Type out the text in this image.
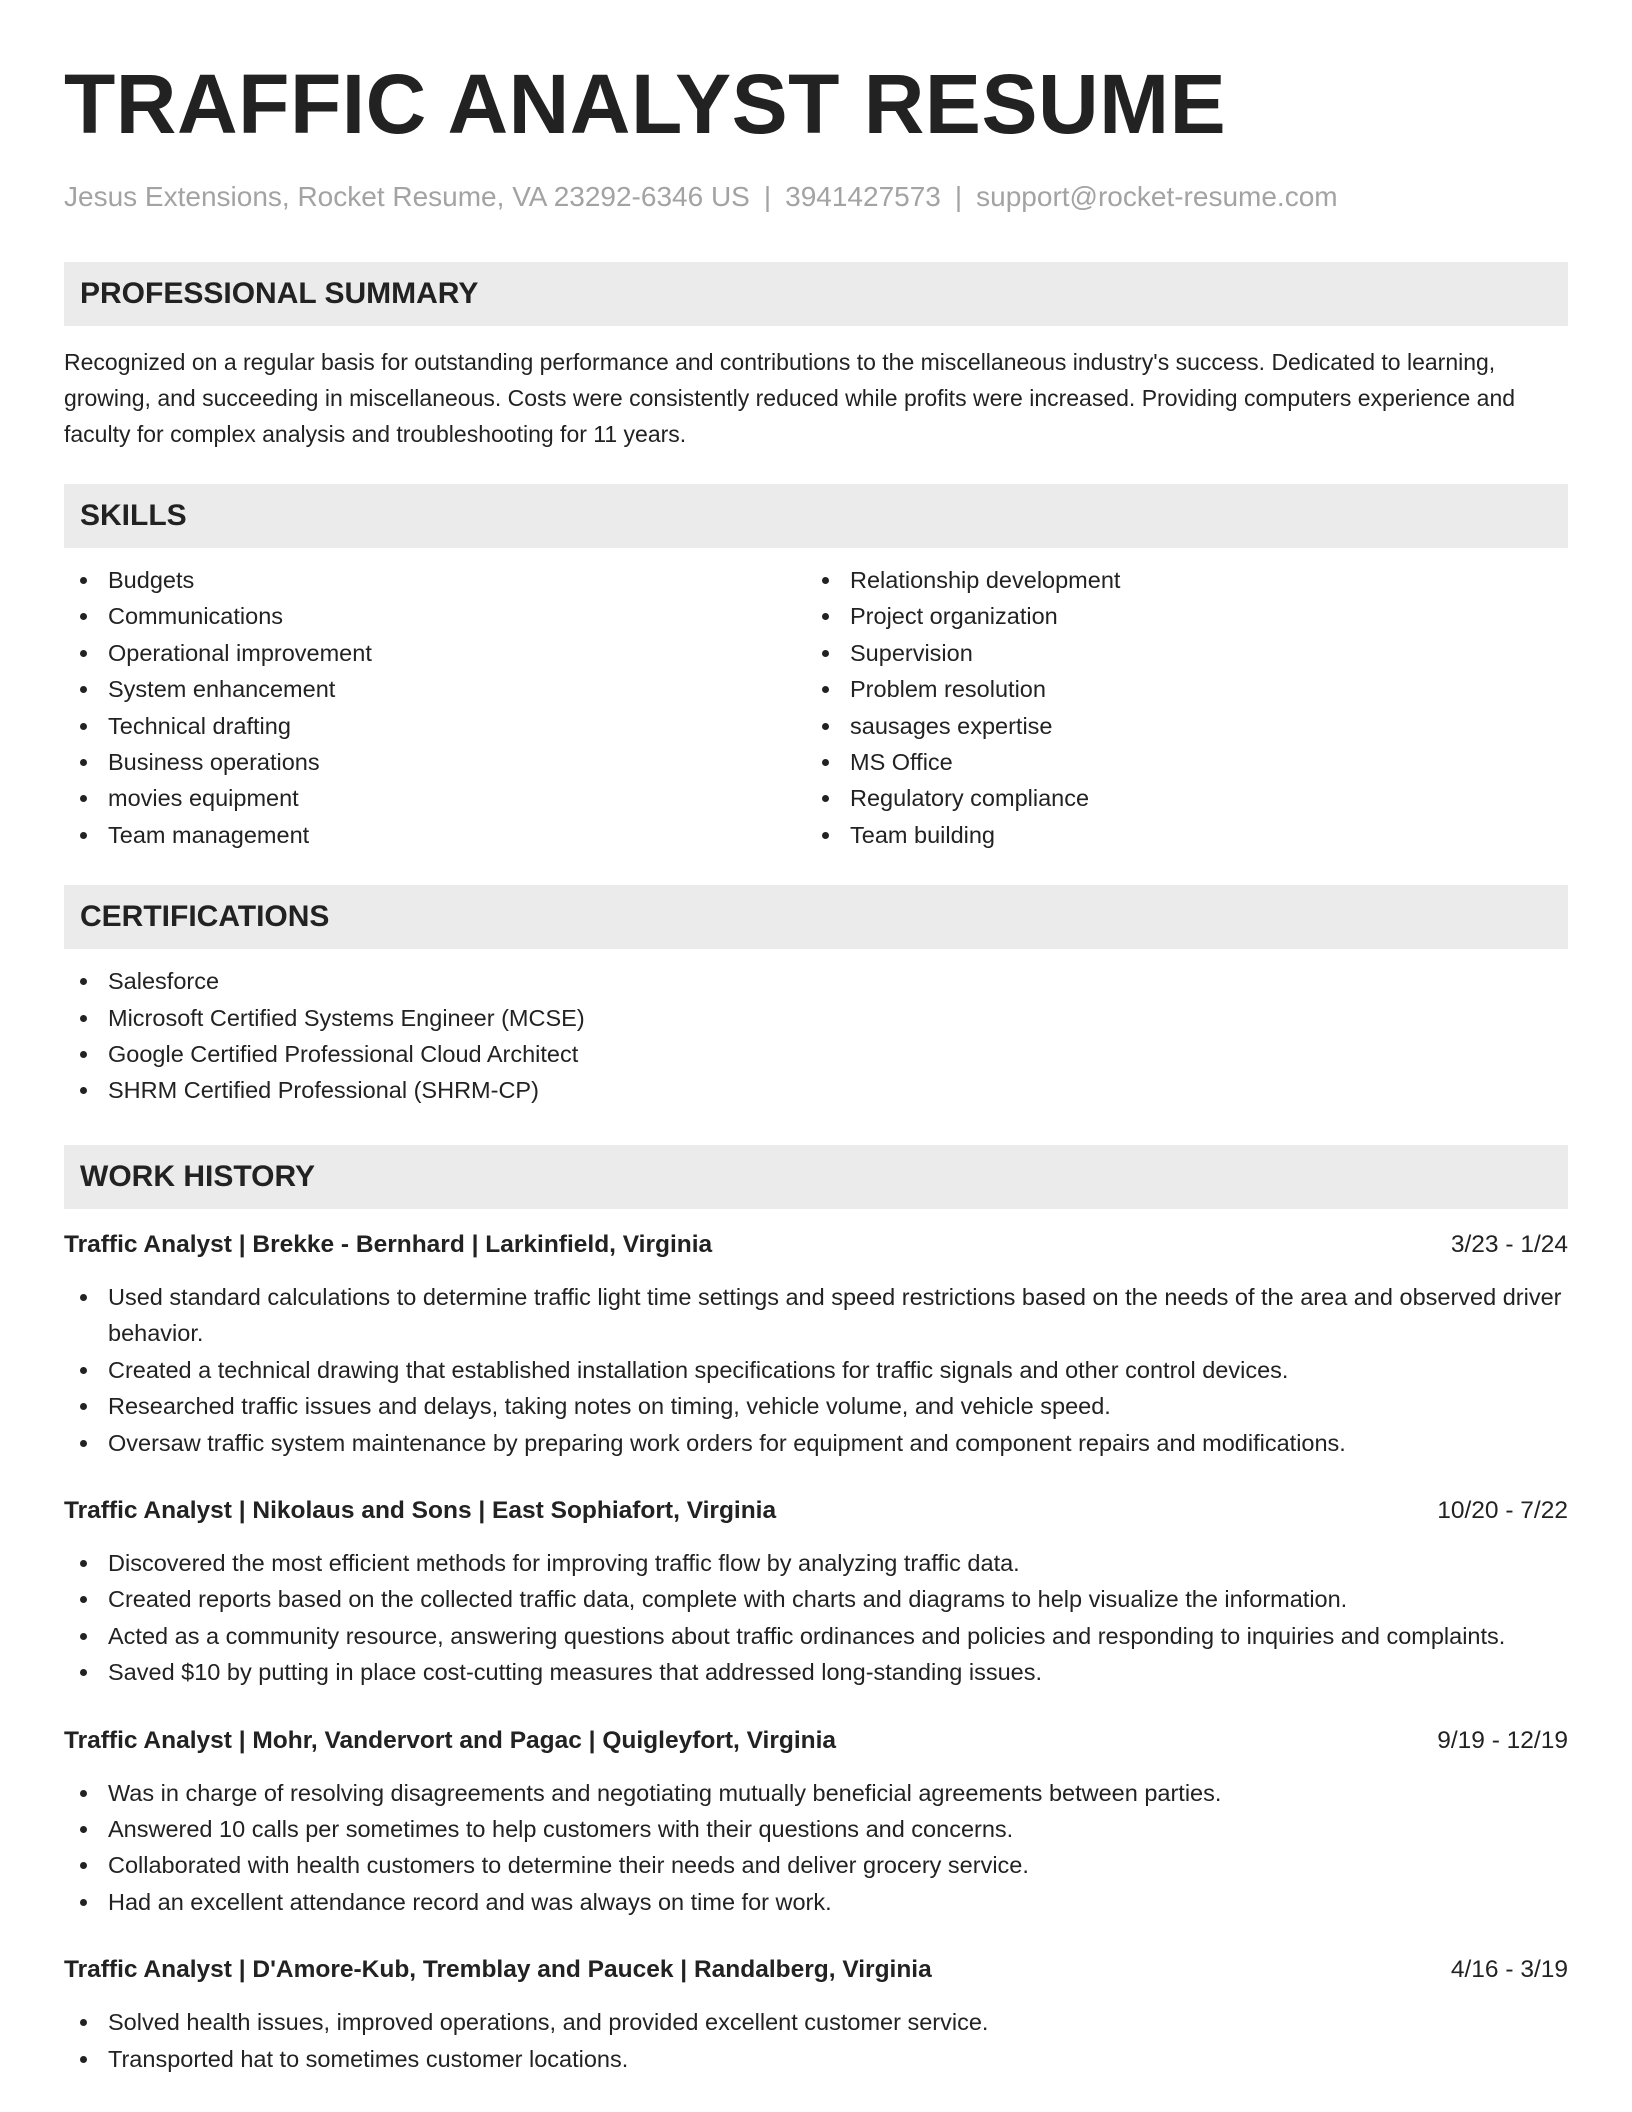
TRAFFIC ANALYST RESUME
Jesus Extensions, Rocket Resume, VA 23292-6346 US | 3941427573 | support@rocket-resume.com
PROFESSIONAL SUMMARY

Recognized on a regular basis for outstanding performance and contributions to the miscellaneous industry's success. Dedicated to learning, growing, and succeeding in miscellaneous. Costs were consistently reduced while profits were increased. Providing computers experience and faculty for complex analysis and troubleshooting for 11 years.

SKILLS
Budgets
Communications
Operational improvement
System enhancement
Technical drafting
Business operations
movies equipment
Team management
Relationship development
Project organization
Supervision
Problem resolution
sausages expertise
MS Office
Regulatory compliance
Team building
CERTIFICATIONS
Salesforce
Microsoft Certified Systems Engineer (MCSE)
Google Certified Professional Cloud Architect
SHRM Certified Professional (SHRM-CP)
WORK HISTORY
Traffic Analyst | Brekke - Bernhard | Larkinfield, Virginia	3/23 - 1/24
Used standard calculations to determine traffic light time settings and speed restrictions based on the needs of the area and observed driver behavior.
Created a technical drawing that established installation specifications for traffic signals and other control devices.
Researched traffic issues and delays, taking notes on timing, vehicle volume, and vehicle speed.
Oversaw traffic system maintenance by preparing work orders for equipment and component repairs and modifications.
Traffic Analyst | Nikolaus and Sons | East Sophiafort, Virginia	10/20 - 7/22
Discovered the most efficient methods for improving traffic flow by analyzing traffic data.
Created reports based on the collected traffic data, complete with charts and diagrams to help visualize the information.
Acted as a community resource, answering questions about traffic ordinances and policies and responding to inquiries and complaints.
Saved $10 by putting in place cost-cutting measures that addressed long-standing issues.
Traffic Analyst | Mohr, Vandervort and Pagac | Quigleyfort, Virginia	9/19 - 12/19
Was in charge of resolving disagreements and negotiating mutually beneficial agreements between parties.
Answered 10 calls per sometimes to help customers with their questions and concerns.
Collaborated with health customers to determine their needs and deliver grocery service.
Had an excellent attendance record and was always on time for work.
Traffic Analyst | D'Amore-Kub, Tremblay and Paucek | Randalberg, Virginia	4/16 - 3/19
Solved health issues, improved operations, and provided excellent customer service.
Transported hat to sometimes customer locations.
